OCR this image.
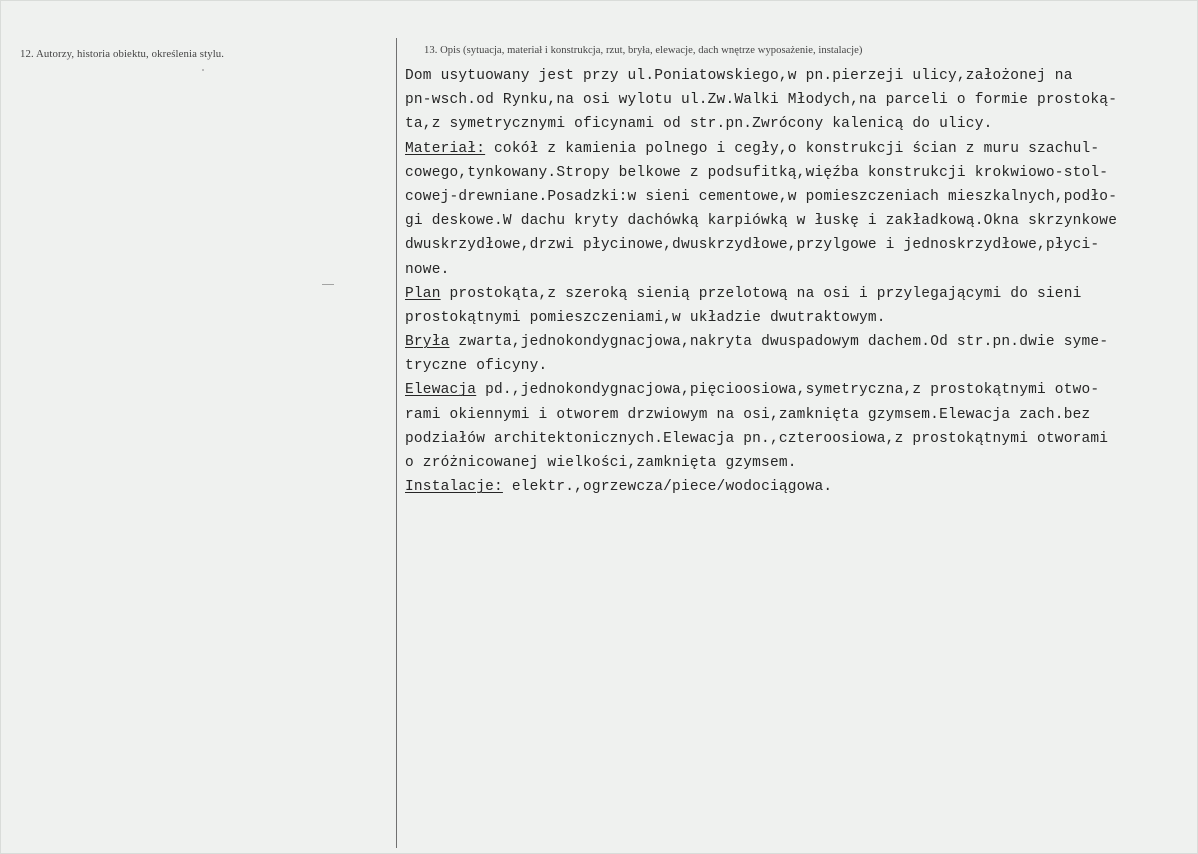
12. Autorzy, historia obiektu, określenia stylu.	13. Opis (sytuacja, materiał i konstrukcja, rzut, bryła, elewacje, dach wnętrze wyposażenie, instalacje)
Dom usytuowany jest przy ul.Poniatowskiego,w pn.pierzeji ulicy,założonej na
pn-wsch.od Rynku,na osi wylotu ul.Zw.Walki Młodych,na parceli o formie prostoką-
ta,z symetrycznymi oficynami od str.pn.Zwrócony kalenicą do ulicy.
Materiał: cokół z kamienia polnego i cegły,o konstrukcji ścian z muru szachul-
cowego,tynkowany.Stropy belkowe z podsufitką,więźba konstrukcji krokwiowo-stol-
cowej-drewniane.Posadzki:w sieni cementowe,w pomieszczeniach mieszkalnych,podło-
gi deskowe.W dachu kryty dachówką karpiówką w łuskę i zakładkową.Okna skrzynkowe
dwuskrzydłowe,drzwi płycinowe,dwuskrzydłowe,przylgowe i jednoskrzydłowe,płyci-
nowe.
Plan prostokąta,z szeroką sienią przelotową na osi i przylegającymi do sieni
prostokątnymi pomieszczeniami,w układzie dwutraktowym.
Bryła zwarta,jednokondygnacjowa,nakryta dwuspadowym dachem.Od str.pn.dwie syme-
tryczne oficyny.
Elewacja pd.,jednokondygnacjowa,pięcioosiowa,symetryczna,z prostokątnymi otwo-
rami okiennymi i otworem drzwiowym na osi,zamknięta gzymsem.Elewacja zach.bez
podziałów architektonicznych.Elewacja pn.,czteroosiowa,z prostokątnymi otworami
o zróżnicowanej wielkości,zamknięta gzymsem.
Instalacje: elektr.,ogrzewcza/piece/wodociągowa.
